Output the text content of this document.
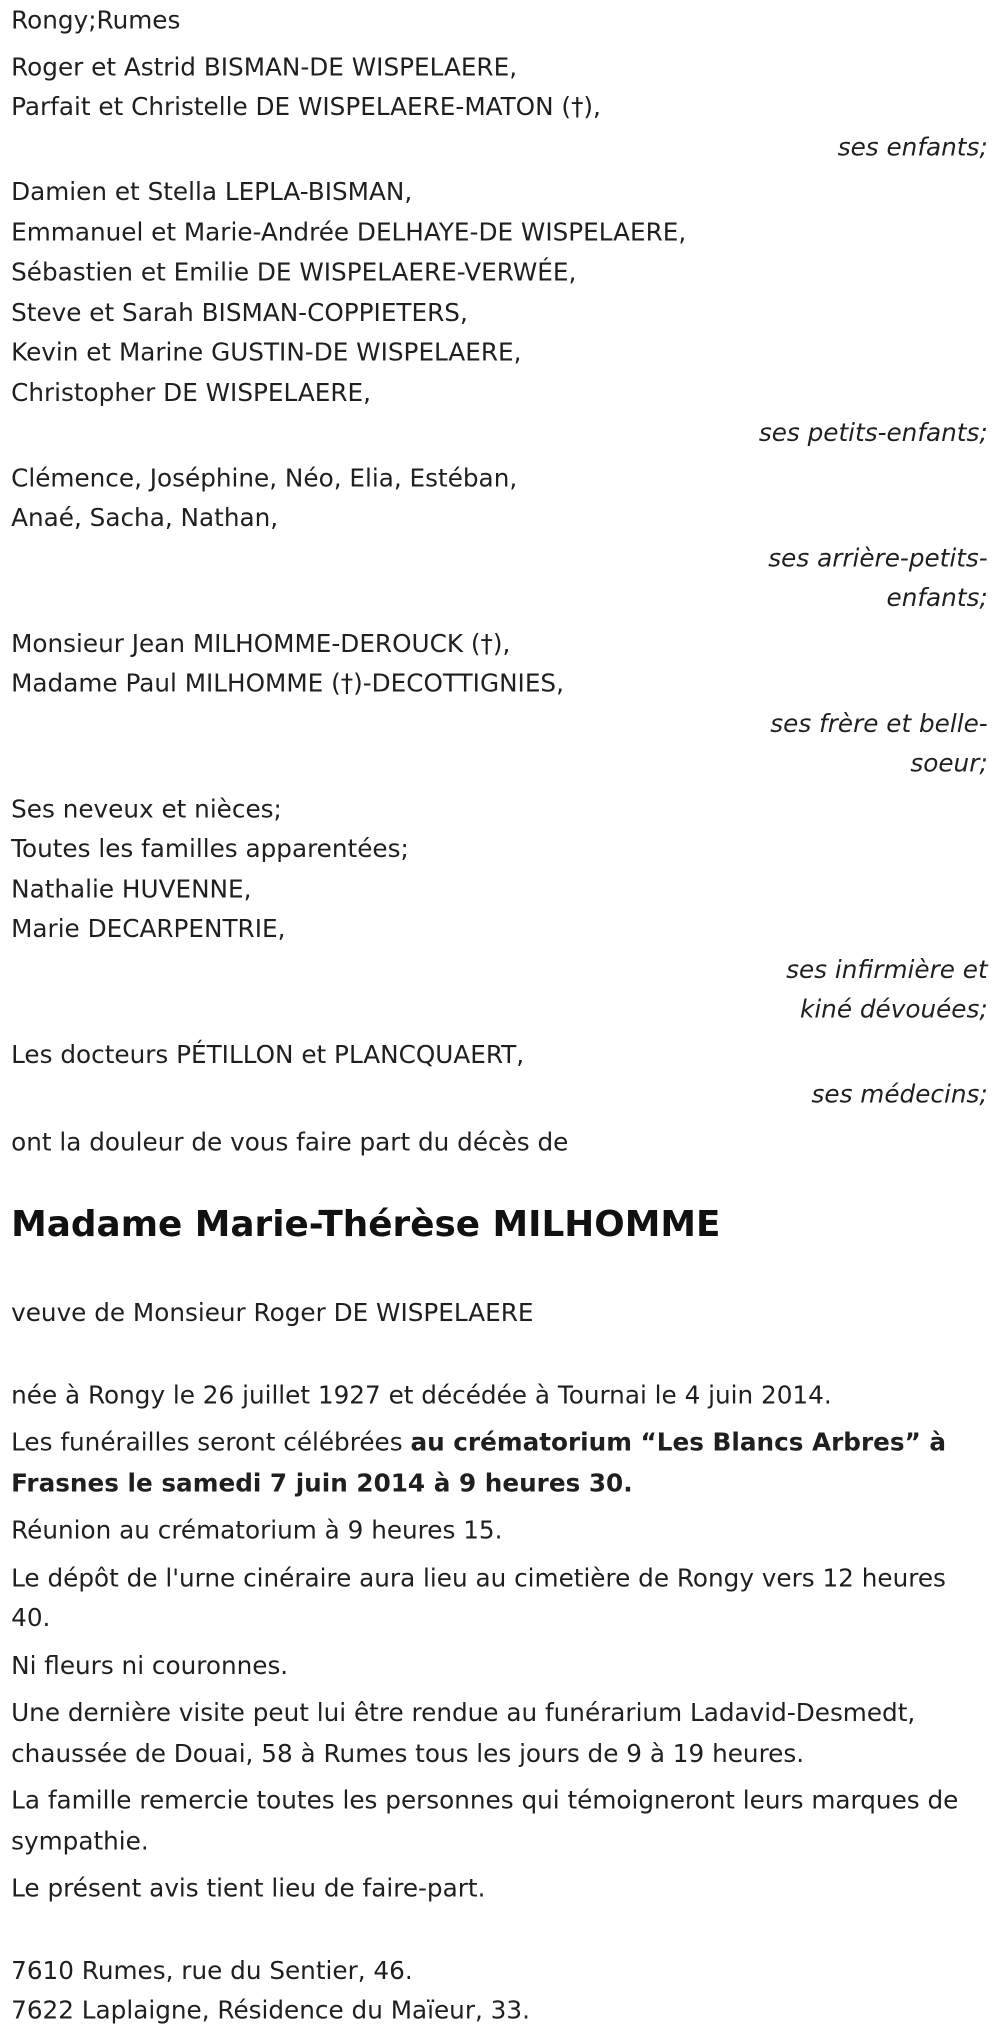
Rongy;Rumes

Roger et Astrid BISMAN-DE WISPELAERE,

Parfait et Christelle DE WISPELAERE-MATON (†),

ses enfants;

Damien et Stella LEPLA-BISMAN,

Emmanuel et Marie-Andrée DELHAYE-DE WISPELAERE,

Sébastien et Emilie DE WISPELAERE-VERWÉE,

Steve et Sarah BISMAN-COPPIETERS,

Kevin et Marine GUSTIN-DE WISPELAERE,

Christopher DE WISPELAERE,

ses petits-enfants;

Clémence, Joséphine, Néo, Elia, Estéban,

Anaé, Sacha, Nathan,

ses arrière-petits-
enfants;

Monsieur Jean MILHOMME-DEROUCK (†),

Madame Paul MILHOMME (†)-DECOTTIGNIES,

ses frère et belle-
soeur;

Ses neveux et nièces;

Toutes les familles apparentées;

Nathalie HUVENNE,

Marie DECARPENTRIE,

ses infirmière et
kiné dévouées;

Les docteurs PÉTILLON et PLANCQUAERT,

ses médecins;

ont la douleur de vous faire part du décès de

Madame Marie-Thérèse MILHOMME

veuve de Monsieur Roger DE WISPELAERE

née à Rongy le 26 juillet 1927 et décédée à Tournai le 4 juin 2014.

Les funérailles seront célébrées au crématorium “Les Blancs Arbres” à Frasnes le samedi 7 juin 2014 à 9 heures 30.

Réunion au crématorium à 9 heures 15.

Le dépôt de l'urne cinéraire aura lieu au cimetière de Rongy vers 12 heures 40.

Ni fleurs ni couronnes.

Une dernière visite peut lui être rendue au funérarium Ladavid-Desmedt, chaussée de Douai, 58 à Rumes tous les jours de 9 à 19 heures.

La famille remercie toutes les personnes qui témoigneront leurs marques de sympathie.

Le présent avis tient lieu de faire-part.

7610 Rumes, rue du Sentier, 46.

7622 Laplaigne, Résidence du Maïeur, 33.
